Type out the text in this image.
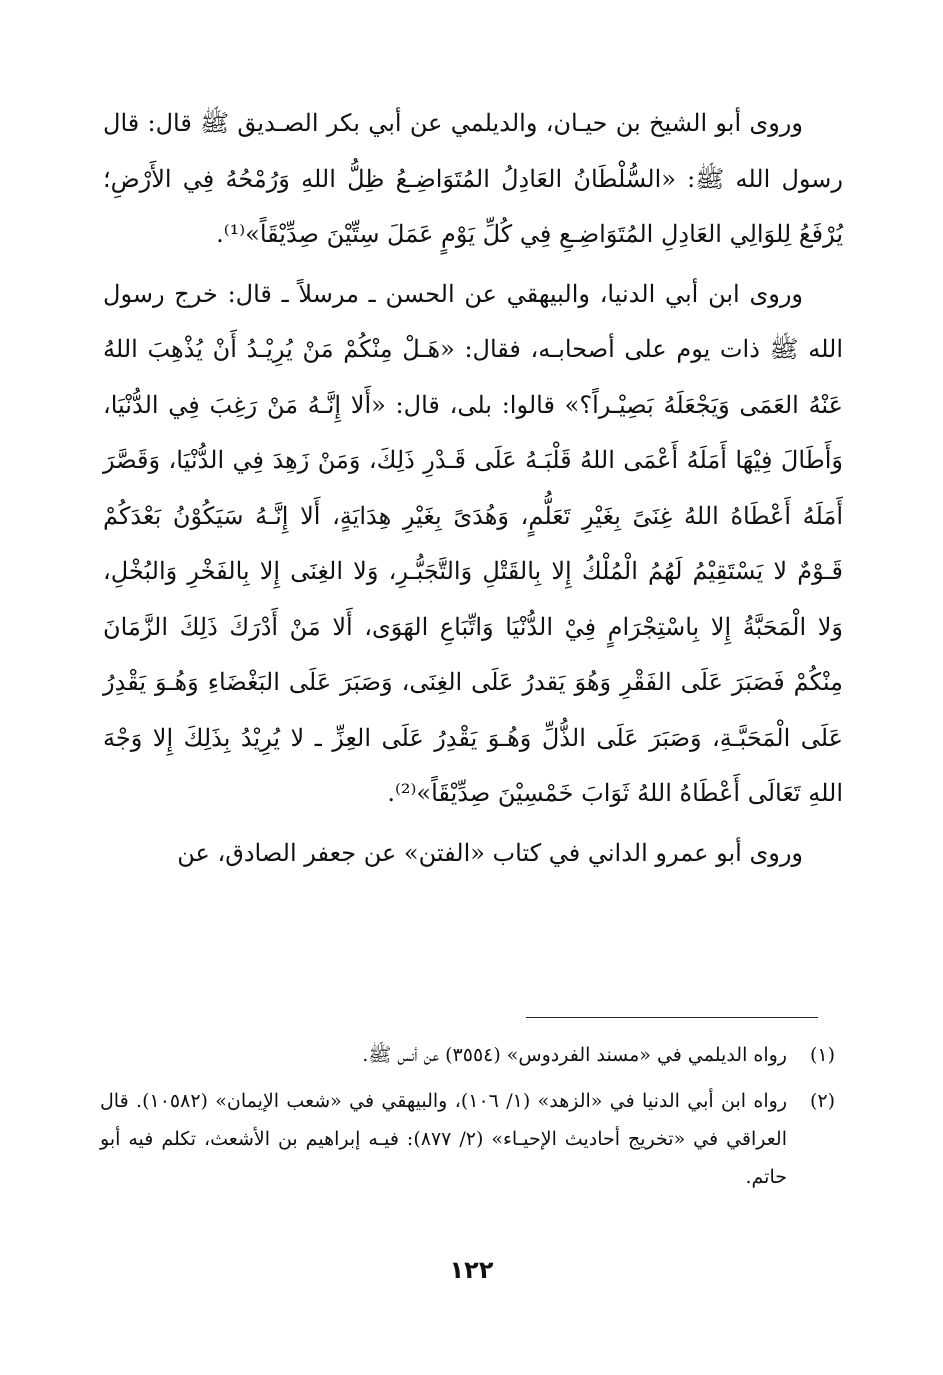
وروى أبو الشيخ بن حيـان، والديلمي عن أبي بكر الصـديق ﷺ قال: قال رسول الله ﷺ: «السُّلْطَانُ العَادِلُ المُتَوَاضِـعُ ظِلُّ اللهِ وَرُمْحُهُ فِي الأَرْضِ؛ يُرْفَعُ لِلوَالِي العَادِلِ المُتَوَاضِـعِ فِي كُلِّ يَوْمٍ عَمَلَ سِتِّيْنَ صِدِّيْقَاً»⁽¹⁾.

وروى ابن أبي الدنيا، والبيهقي عن الحسن ـ مرسلاً ـ قال: خرج رسول الله ﷺ ذات يوم على أصحابـه، فقال: «هَـلْ مِنْكُمْ مَنْ يُرِيْـدُ أَنْ يُذْهِبَ اللهُ عَنْهُ العَمَى وَيَجْعَلَهُ بَصِيْـراً؟» قالوا: بلى، قال: «أَلا إِنَّـهُ مَنْ رَغِبَ فِي الدُّنْيَا، وَأَطَالَ فِيْهَا أَمَلَهُ أَعْمَى اللهُ قَلْبَـهُ عَلَى قَـدْرِ ذَلِكَ، وَمَنْ زَهِدَ فِي الدُّنْيَا، وَقَصَّرَ أَمَلَهُ أَعْطَاهُ اللهُ غِنَىً بِغَيْرِ تَعَلُّمٍ، وَهُدَىً بِغَيْرِ هِدَايَةٍ، أَلا إِنَّـهُ سَيَكُوْنُ بَعْدَكُمْ قَـوْمٌ لا يَسْتَقِيْمُ لَهُمُ الْمُلْكُ إِلا بِالقَتْلِ وَالتَّجَبُّـرِ، وَلا الغِنَى إِلا بِالفَخْرِ وَالبُخْلِ، وَلا الْمَحَبَّةُ إِلا بِاسْتِجْرَامٍ فِيْ الدُّنْيَا وَاتِّبَاعِ الهَوَى، أَلا مَنْ أَدْرَكَ ذَلِكَ الزَّمَانَ مِنْكُمْ فَصَبَرَ عَلَى الفَقْرِ وَهُوَ يَقدرُ عَلَى الغِنَى، وَصَبَرَ عَلَى البَغْضَاءِ وَهُـوَ يَقْدِرُ عَلَى الْمَحَبَّـةِ، وَصَبَرَ عَلَى الذُّلِّ وَهُـوَ يَقْدِرُ عَلَى العِزِّ ـ لا يُرِيْدُ بِذَلِكَ إِلا وَجْهَ اللهِ تَعَالَى أَعْطَاهُ اللهُ ثَوَابَ خَمْسِيْنَ صِدِّيْقَاً»⁽²⁾.

وروى أبو عمرو الداني في كتاب «الفتن» عن جعفر الصادق، عن

(١)
رواه الديلمي في «مسند الفردوس» (٣٥٥٤) عن أنس ﷺ.
(٢)
رواه ابن أبي الدنيا في «الزهد» (١/ ١٠٦)، والبيهقي في «شعب الإيمان» (١٠٥٨٢). قال العراقي في «تخريج أحاديث الإحيـاء» (٢/ ٨٧٧): فيـه إبراهيم بن الأشعث، تكلم فيه أبو حاتم.
١٢٢
